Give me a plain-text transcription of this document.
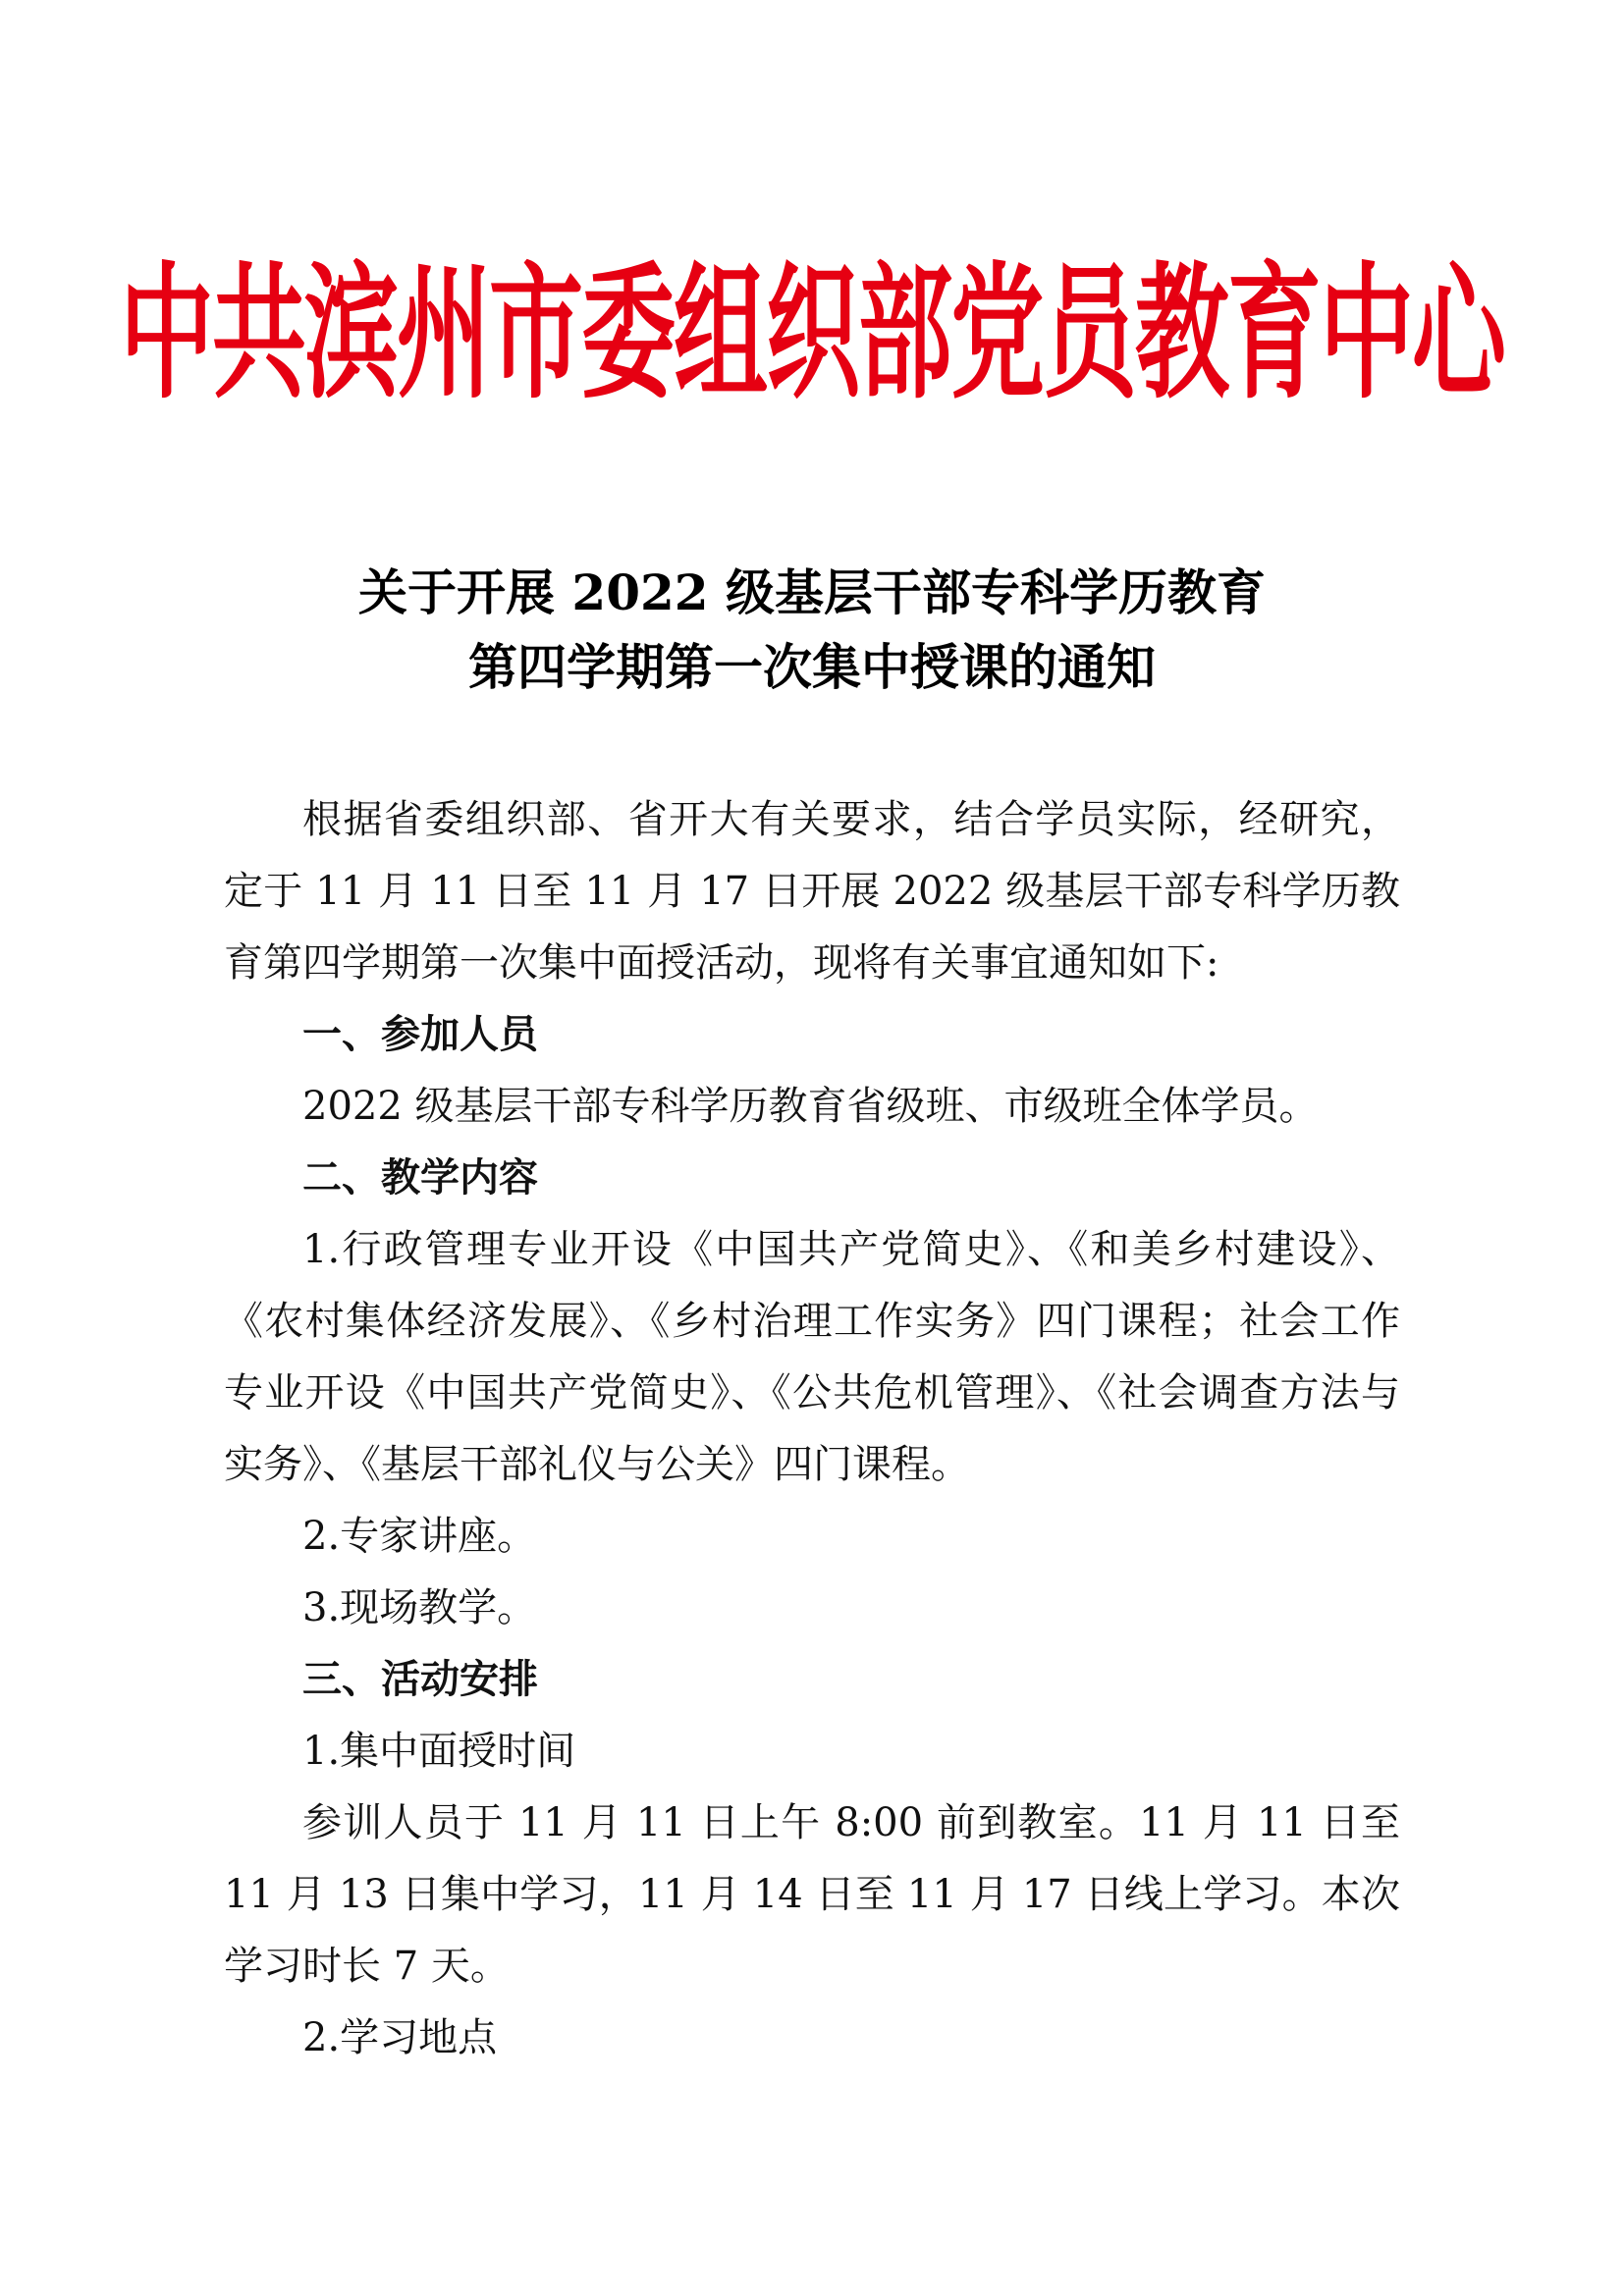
中共滨州市委组织部党员教育中心
关于开展 2022 级基层干部专科学历教育
第四学期第一次集中授课的通知

根据省委组织部、省开大有关要求，结合学员实际，经研究，定于 11 月 11 日至 11 月 17 日开展 2022 级基层干部专科学历教育第四学期第一次集中面授活动，现将有关事宜通知如下:

一、参加人员

2022 级基层干部专科学历教育省级班、市级班全体学员。

二、教学内容

1.行政管理专业开设《中国共产党简史》、《和美乡村建设》、《农村集体经济发展》、《乡村治理工作实务》四门课程；社会工作专业开设《中国共产党简史》、《公共危机管理》、《社会调查方法与实务》、《基层干部礼仪与公关》四门课程。

2.专家讲座。

3.现场教学。

三、活动安排

1.集中面授时间

参训人员于 11 月 11 日上午 8:00 前到教室。11 月 11 日至 11 月 13 日集中学习，11 月 14 日至 11 月 17 日线上学习。本次学习时长 7 天。

2.学习地点
